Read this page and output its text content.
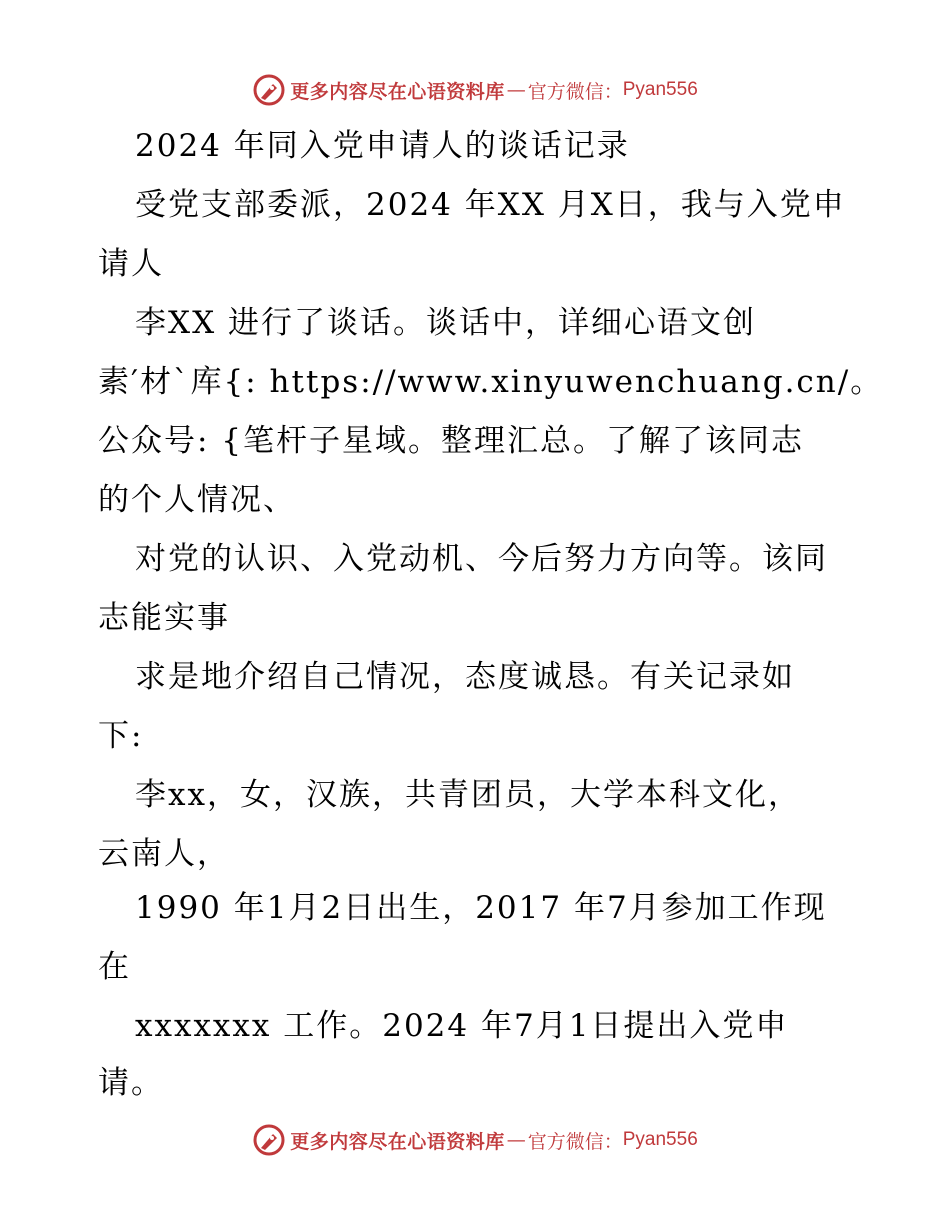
更多内容尽在心语资料库 — 官方微信： Pyan556
2024 年同入党申请人的谈话记录
受党支部委派，2024 年XX 月X日，我与入党申
请人
李XX 进行了谈话。谈话中，详细心语文创
素′材`库{: https://www.xinyuwenchuang.cn/。
公众号: {笔杆子星域。整理汇总。了解了该同志
的个人情况、
对党的认识、入党动机、今后努力方向等。该同
志能实事
求是地介绍自己情况，态度诚恳。有关记录如
下:
李xx，女，汉族，共青团员，大学本科文化，
云南人，
1990 年1月2日出生，2017 年7月参加工作现
在
xxxxxxx 工作。2024 年7月1日提出入党申
请。
更多内容尽在心语资料库 — 官方微信： Pyan556
